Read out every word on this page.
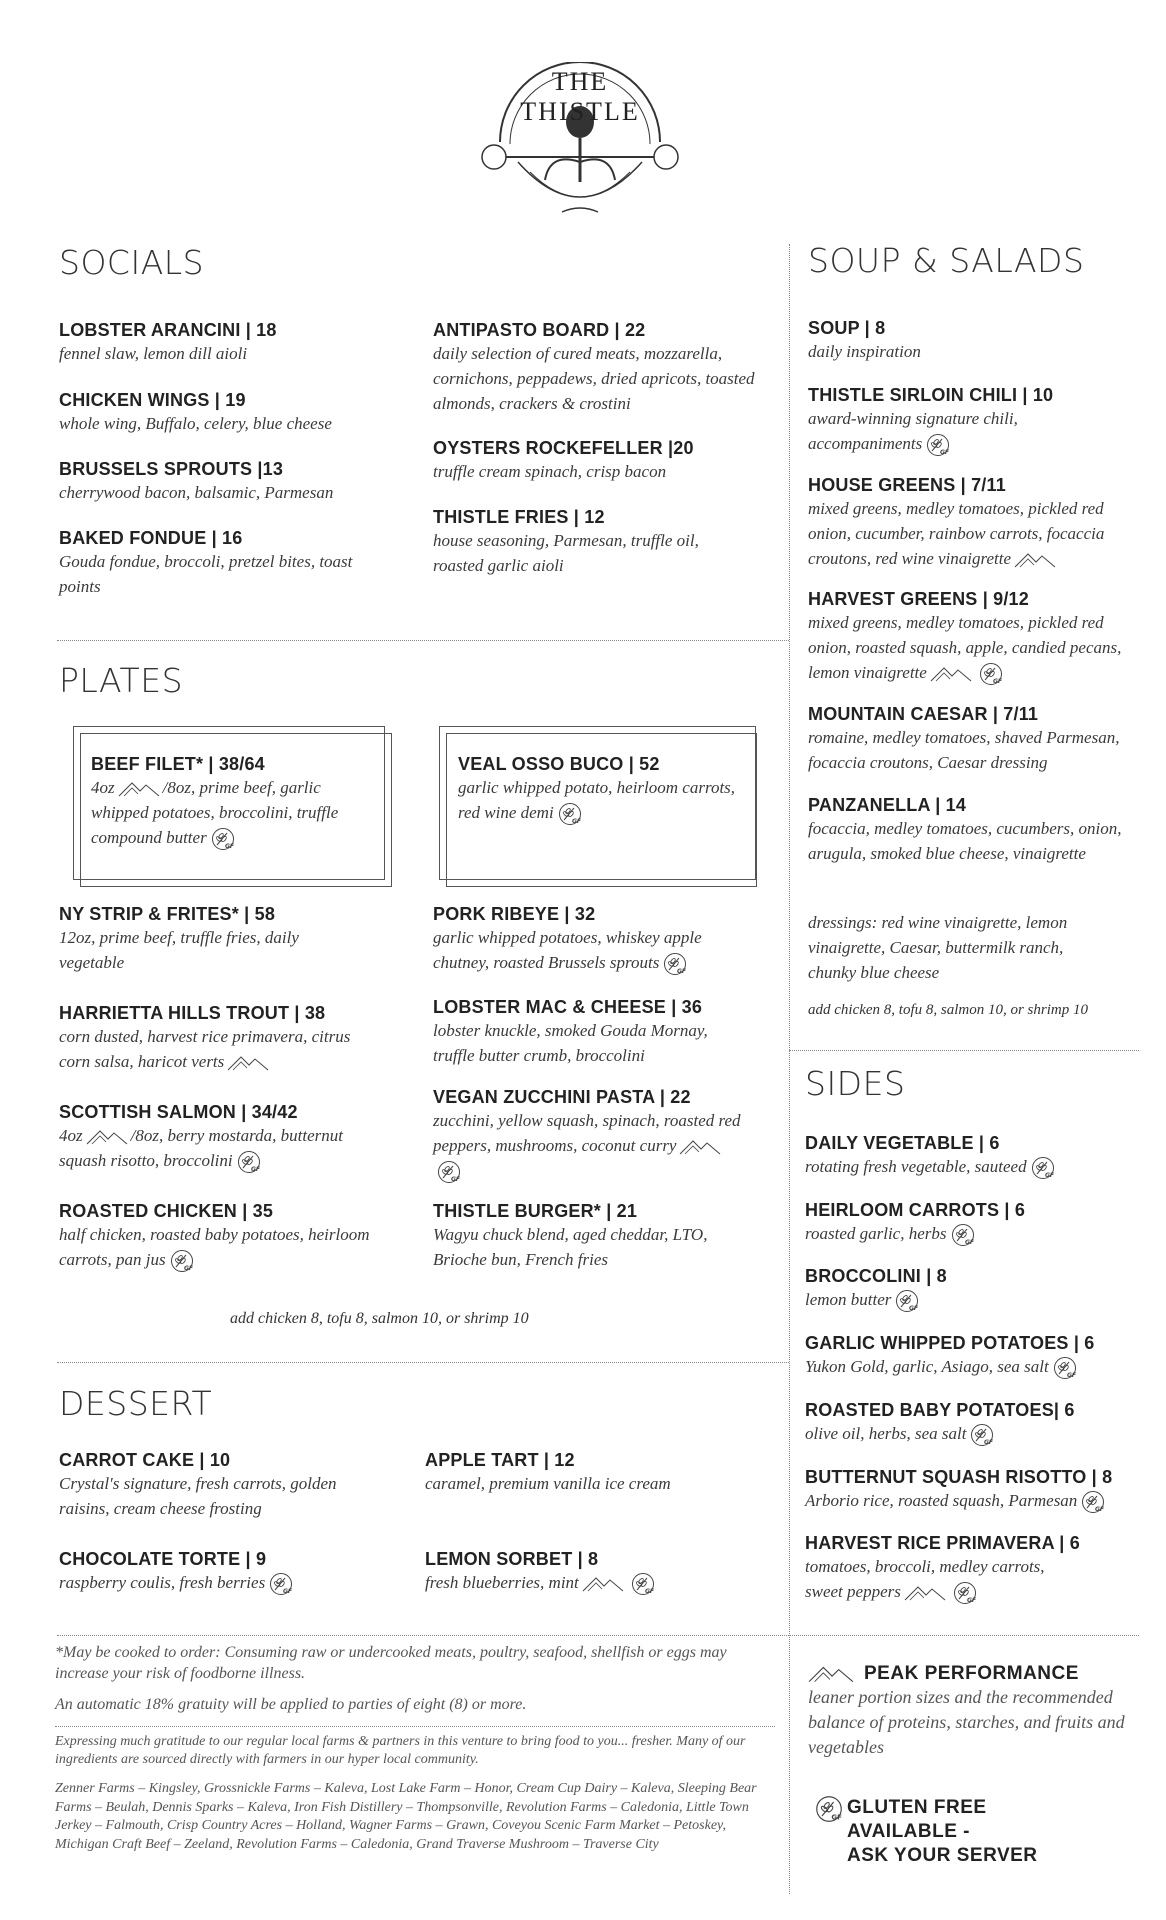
THE THISTLE
SOCIALS
LOBSTER ARANCINI | 18
fennel slaw, lemon dill aioli
CHICKEN WINGS | 19
whole wing, Buffalo, celery, blue cheese
BRUSSELS SPROUTS |13
cherrywood bacon, balsamic, Parmesan
BAKED FONDUE | 16
Gouda fondue, broccoli, pretzel bites, toast points
ANTIPASTO BOARD | 22
daily selection of cured meats, mozzarella, cornichons, peppadews, dried apricots, toasted almonds, crackers & crostini
OYSTERS ROCKEFELLER |20
truffle cream spinach, crisp bacon
THISTLE FRIES | 12
house seasoning, Parmesan, truffle oil, roasted garlic aioli
SOUP & SALADS
SOUP | 8
daily inspiration
THISTLE SIRLOIN CHILI | 10
award-winning signature chili, accompaniments
HOUSE GREENS | 7/11
mixed greens, medley tomatoes, pickled red onion, cucumber, rainbow carrots, focaccia croutons, red wine vinaigrette
HARVEST GREENS | 9/12
mixed greens, medley tomatoes, pickled red onion, roasted squash, apple, candied pecans, lemon vinaigrette
MOUNTAIN CAESAR | 7/11
romaine, medley tomatoes, shaved Parmesan, focaccia croutons, Caesar dressing
PANZANELLA | 14
focaccia, medley tomatoes, cucumbers, onion, arugula, smoked blue cheese, vinaigrette
dressings: red wine vinaigrette, lemon vinaigrette, Caesar, buttermilk ranch, chunky blue cheese
add chicken 8, tofu 8, salmon 10, or shrimp 10
PLATES
BEEF FILET* | 38/64
4oz	/8oz, prime beef, garlic whipped potatoes, broccolini, truffle compound butter
VEAL OSSO BUCO | 52
garlic whipped potato, heirloom carrots, red wine demi
NY STRIP & FRITES* | 58
12oz, prime beef, truffle fries, daily vegetable
PORK RIBEYE | 32
garlic whipped potatoes, whiskey apple chutney, roasted Brussels sprouts
HARRIETTA HILLS TROUT | 38
corn dusted, harvest rice primavera, citrus corn salsa, haricot verts
LOBSTER MAC & CHEESE | 36
lobster knuckle, smoked Gouda Mornay, truffle butter crumb, broccolini
SCOTTISH SALMON | 34/42
4oz	/8oz, berry mostarda, butternut squash risotto, broccolini
VEGAN ZUCCHINI PASTA | 22
zucchini, yellow squash, spinach, roasted red peppers, mushrooms, coconut curry
ROASTED CHICKEN | 35
half chicken, roasted baby potatoes, heirloom carrots, pan jus
THISTLE BURGER* | 21
Wagyu chuck blend, aged cheddar, LTO, Brioche bun, French fries
add chicken 8, tofu 8, salmon 10, or shrimp 10
SIDES
DAILY VEGETABLE | 6
rotating fresh vegetable, sauteed
HEIRLOOM CARROTS | 6
roasted garlic, herbs
BROCCOLINI | 8
lemon butter
GARLIC WHIPPED POTATOES | 6
Yukon Gold, garlic, Asiago, sea salt
ROASTED BABY POTATOES| 6
olive oil, herbs, sea salt
BUTTERNUT SQUASH RISOTTO | 8
Arborio rice, roasted squash, Parmesan
HARVEST RICE PRIMAVERA | 6
tomatoes, broccoli, medley carrots, sweet peppers
DESSERT
CARROT CAKE | 10
Crystal's signature, fresh carrots, golden raisins, cream cheese frosting
APPLE TART | 12
caramel, premium vanilla ice cream
CHOCOLATE TORTE | 9
raspberry coulis, fresh berries
LEMON SORBET | 8
fresh blueberries, mint
*May be cooked to order: Consuming raw or undercooked meats, poultry, seafood, shellfish or eggs may increase your risk of foodborne illness.
An automatic 18% gratuity will be applied to parties of eight (8) or more.
Expressing much gratitude to our regular local farms & partners in this venture to bring food to you... fresher. Many of our ingredients are sourced directly with farmers in our hyper local community.
Zenner Farms – Kingsley, Grossnickle Farms – Kaleva, Lost Lake Farm – Honor, Cream Cup Dairy – Kaleva, Sleeping Bear Farms – Beulah, Dennis Sparks – Kaleva, Iron Fish Distillery – Thompsonville, Revolution Farms – Caledonia, Little Town Jerkey – Falmouth, Crisp Country Acres – Holland, Wagner Farms – Grawn, Coveyou Scenic Farm Market – Petoskey, Michigan Craft Beef – Zeeland, Revolution Farms – Caledonia, Grand Traverse Mushroom – Traverse City
PEAK PERFORMANCE
leaner portion sizes and the recommended balance of proteins, starches, and fruits and vegetables
GLUTEN FREE
AVAILABLE -
ASK YOUR SERVER
